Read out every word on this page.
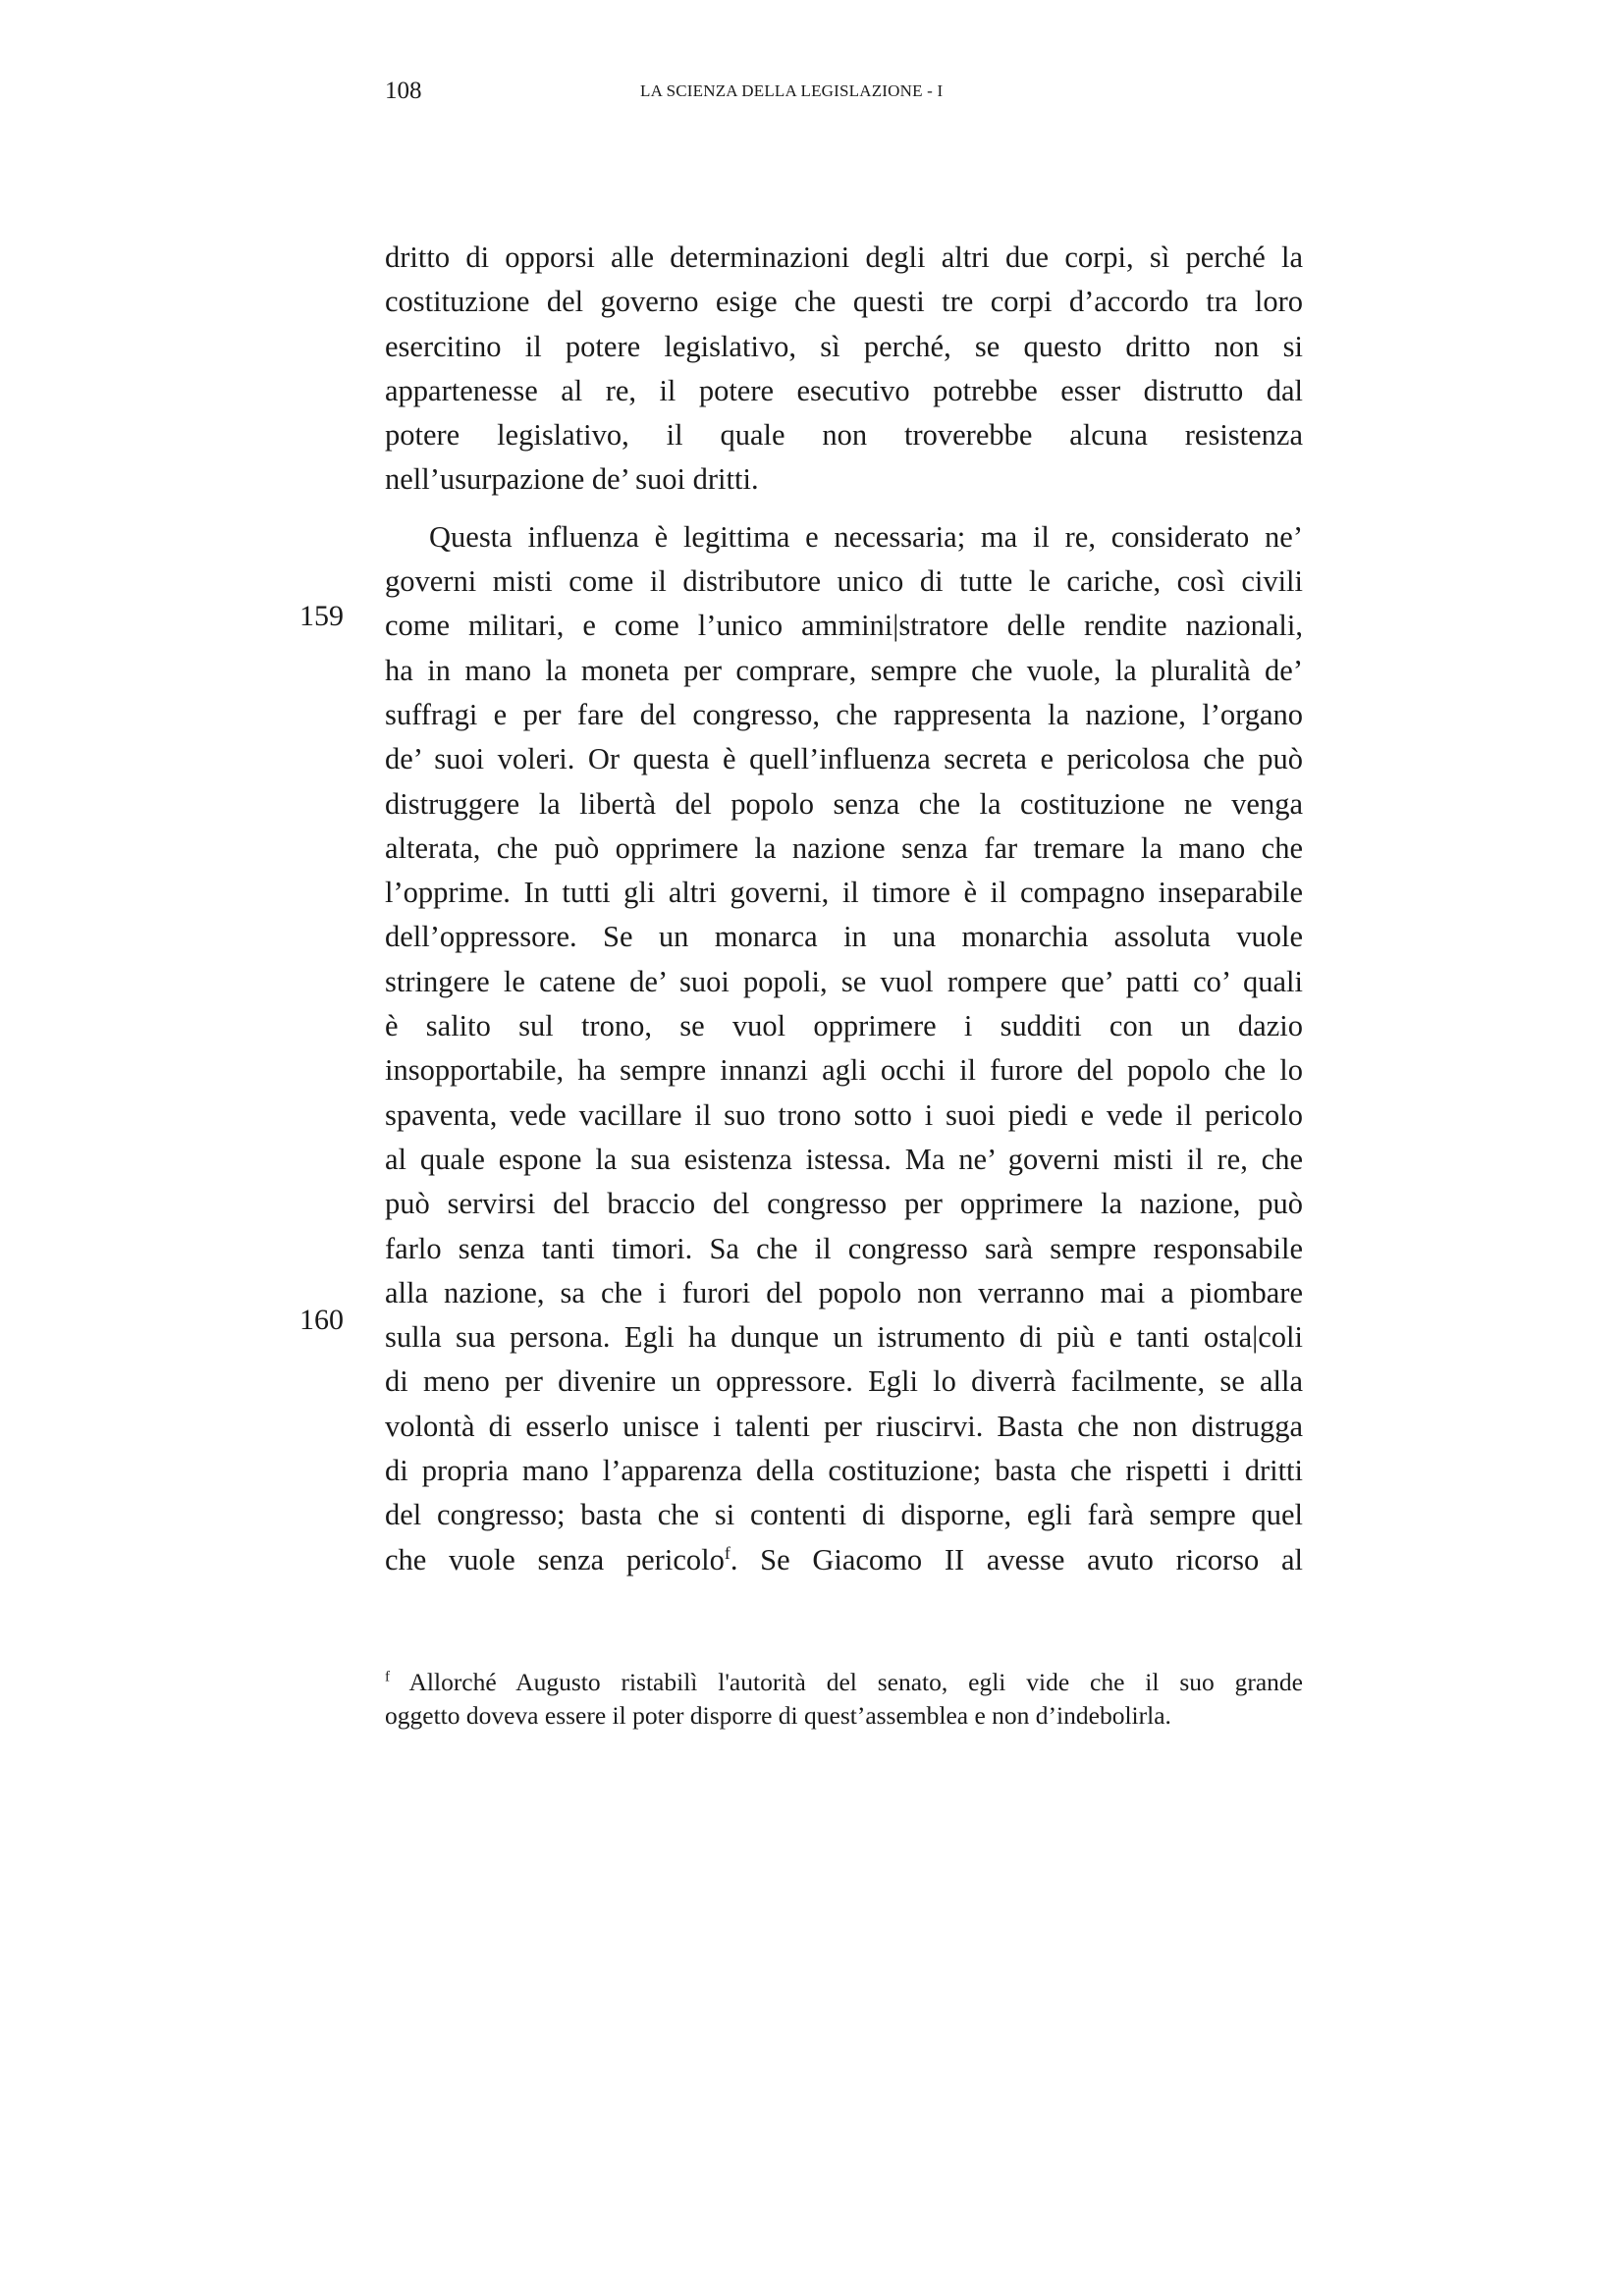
108	LA SCIENZA DELLA LEGISLAZIONE - I
159
160
dritto di opporsi alle determinazioni degli altri due corpi, sì perché la
costituzione del governo esige che questi tre corpi d’accordo tra loro
esercitino il potere legislativo, sì perché, se questo dritto non si
appartenesse al re, il potere esecutivo potrebbe esser distrutto dal
potere legislativo, il quale non troverebbe alcuna resistenza
nell’usurpazione de’ suoi dritti.
Questa influenza è legittima e necessaria; ma il re, considerato ne’
governi misti come il distributore unico di tutte le cariche, così civili
come militari, e come l’unico ammini|stratore delle rendite nazionali,
ha in mano la moneta per comprare, sempre che vuole, la pluralità de’
suffragi e per fare del congresso, che rappresenta la nazione, l’organo
de’ suoi voleri. Or questa è quell’influenza secreta e pericolosa che può
distruggere la libertà del popolo senza che la costituzione ne venga
alterata, che può opprimere la nazione senza far tremare la mano che
l’opprime. In tutti gli altri governi, il timore è il compagno inseparabile
dell’oppressore. Se un monarca in una monarchia assoluta vuole
stringere le catene de’ suoi popoli, se vuol rompere que’ patti co’ quali
è salito sul trono, se vuol opprimere i sudditi con un dazio
insopportabile, ha sempre innanzi agli occhi il furore del popolo che lo
spaventa, vede vacillare il suo trono sotto i suoi piedi e vede il pericolo
al quale espone la sua esistenza istessa. Ma ne’ governi misti il re, che
può servirsi del braccio del congresso per opprimere la nazione, può
farlo senza tanti timori. Sa che il congresso sarà sempre responsabile
alla nazione, sa che i furori del popolo non verranno mai a piombare
sulla sua persona. Egli ha dunque un istrumento di più e tanti osta|coli
di meno per divenire un oppressore. Egli lo diverrà facilmente, se alla
volontà di esserlo unisce i talenti per riuscirvi. Basta che non distrugga
di propria mano l’apparenza della costituzione; basta che rispetti i dritti
del congresso; basta che si contenti di disporne, egli farà sempre quel
che vuole senza pericolo$^f$. Se Giacomo II avesse avuto ricorso al
$^f$ Allorché Augusto ristabilì l'autorità del senato, egli vide che il suo grande
oggetto doveva essere il poter disporre di quest’assemblea e non d’indebolirla.
